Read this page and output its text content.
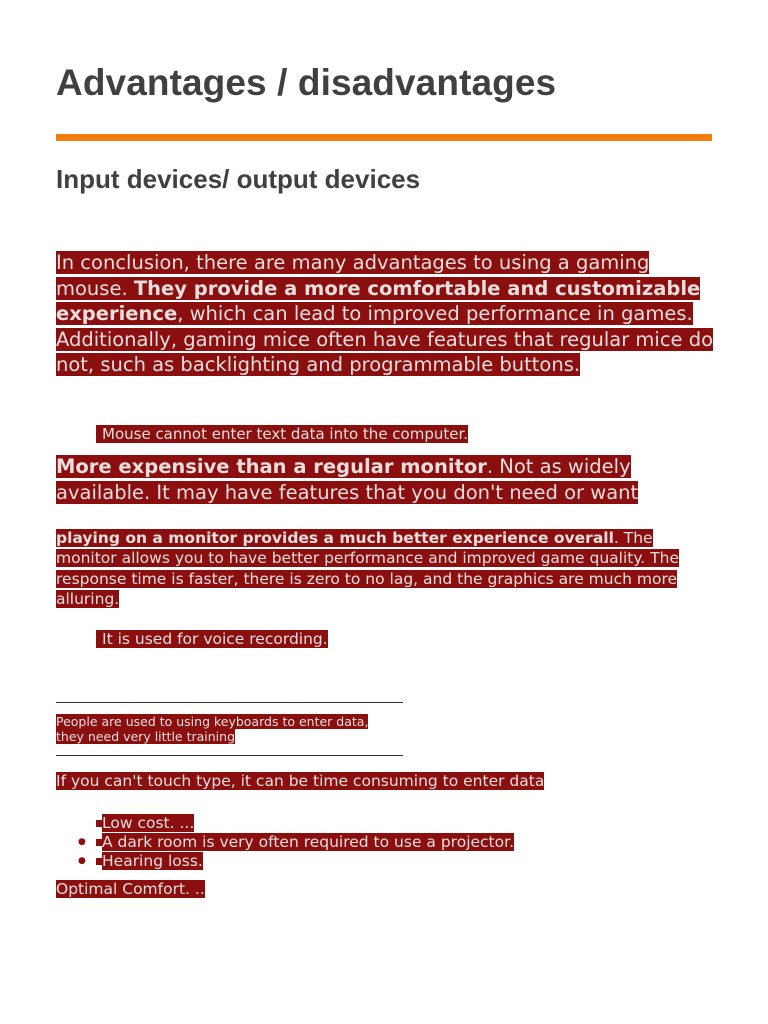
Advantages / disadvantages
Input devices/ output devices

In conclusion, there are many advantages to using a gaming mouse. They provide a more comfortable and customizable experience, which can lead to improved performance in games. Additionally, gaming mice often have features that regular mice do not, such as backlighting and programmable buttons.

Mouse cannot enter text data into the computer.

More expensive than a regular monitor. Not as widely available. It may have features that you don't need or want

playing on a monitor provides a much better experience overall. The monitor allows you to have better performance and improved game quality. The response time is faster, there is zero to no lag, and the graphics are much more alluring.

It is used for voice recording.

People are used to using keyboards to enter data, they need very little training

If you can't touch type, it can be time consuming to enter data

Low cost. ...
● A dark room is very often required to use a projector.
● Hearing loss.

Optimal Comfort. ..
